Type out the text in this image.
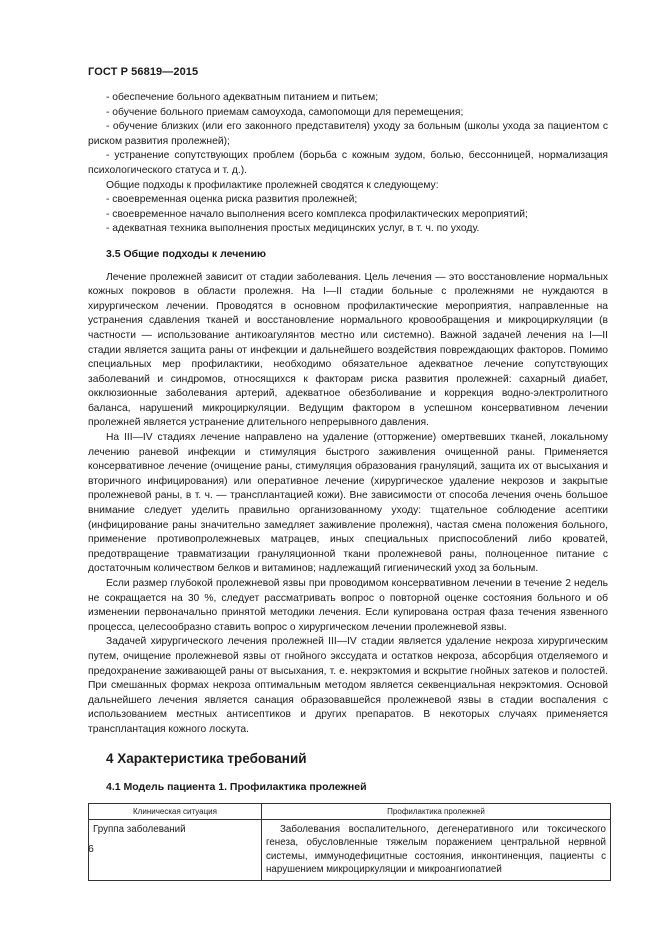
ГОСТ Р 56819—2015

- обеспечение больного адекватным питанием и питьем;

- обучение больного приемам самоухода, самопомощи для перемещения;

- обучение близких (или его законного представителя) уходу за больным (школы ухода за пациентом с риском развития пролежней);

- устранение сопутствующих проблем (борьба с кожным зудом, болью, бессонницей, нормализация психологического статуса и т. д.).

Общие подходы к профилактике пролежней сводятся к следующему:

- своевременная оценка риска развития пролежней;

- своевременное начало выполнения всего комплекса профилактических мероприятий;

- адекватная техника выполнения простых медицинских услуг, в т. ч. по уходу.

3.5 Общие подходы к лечению

Лечение пролежней зависит от стадии заболевания. Цель лечения — это восстановление нормальных кожных покровов в области пролежня. На I—II стадии больные с пролежнями не нуждаются в хирургическом лечении. Проводятся в основном профилактические мероприятия, направленные на устранения сдавления тканей и восстановление нормального кровообращения и микроциркуляции (в частности — использование антикоагулянтов местно или системно). Важной задачей лечения на I—II стадии является защита раны от инфекции и дальнейшего воздействия повреждающих факторов. Помимо специальных мер профилактики, необходимо обязательное адекватное лечение сопутствующих заболеваний и синдромов, относящихся к факторам риска развития пролежней: сахарный диабет, окклюзионные заболевания артерий, адекватное обезболивание и коррекция водно-электролитного баланса, нарушений микроциркуляции. Ведущим фактором в успешном консервативном лечении пролежней является устранение длительного непрерывного давления.

На III—IV стадиях лечение направлено на удаление (отторжение) омертвевших тканей, локальному лечению раневой инфекции и стимуляция быстрого заживления очищенной раны. Применяется консервативное лечение (очищение раны, стимуляция образования грануляций, защита их от высыхания и вторичного инфицирования) или оперативное лечение (хирургическое удаление некрозов и закрытые пролежневой раны, в т. ч. — трансплантацией кожи). Вне зависимости от способа лечения очень большое внимание следует уделить правильно организованному уходу: тщательное соблюдение асептики (инфицирование раны значительно замедляет заживление пролежня), частая смена положения больного, применение противопролежневых матрацев, иных специальных приспособлений либо кроватей, предотвращение травматизации грануляционной ткани пролежневой раны, полноценное питание с достаточным количеством белков и витаминов; надлежащий гигиенический уход за больным.

Если размер глубокой пролежневой язвы при проводимом консервативном лечении в течение 2 недель не сокращается на 30 %, следует рассматривать вопрос о повторной оценке состояния больного и об изменении первоначально принятой методики лечения. Если купирована острая фаза течения язвенного процесса, целесообразно ставить вопрос о хирургическом лечении пролежневой язвы.

Задачей хирургического лечения пролежней III—IV стадии является удаление некроза хирургическим путем, очищение пролежневой язвы от гнойного экссудата и остатков некроза, абсорбция отделяемого и предохранение заживающей раны от высыхания, т. е. некрэктомия и вскрытие гнойных затеков и полостей. При смешанных формах некроза оптимальным методом является секвенциальная некрэктомия. Основой дальнейшего лечения является санация образовавшейся пролежневой язвы в стадии воспаления с использованием местных антисептиков и других препаратов. В некоторых случаях применяется трансплантация кожного лоскута.

4 Характеристика требований
4.1 Модель пациента 1. Профилактика пролежней
Клиническая ситуация	Профилактика пролежней
Группа заболеваний	Заболевания воспалительного, дегенеративного или токсического генеза, обусловленные тяжелым поражением центральной нервной системы, иммунодефицитные состояния, инконтиненция, пациенты с нарушением микроциркуляции и микроангиопатией
6
